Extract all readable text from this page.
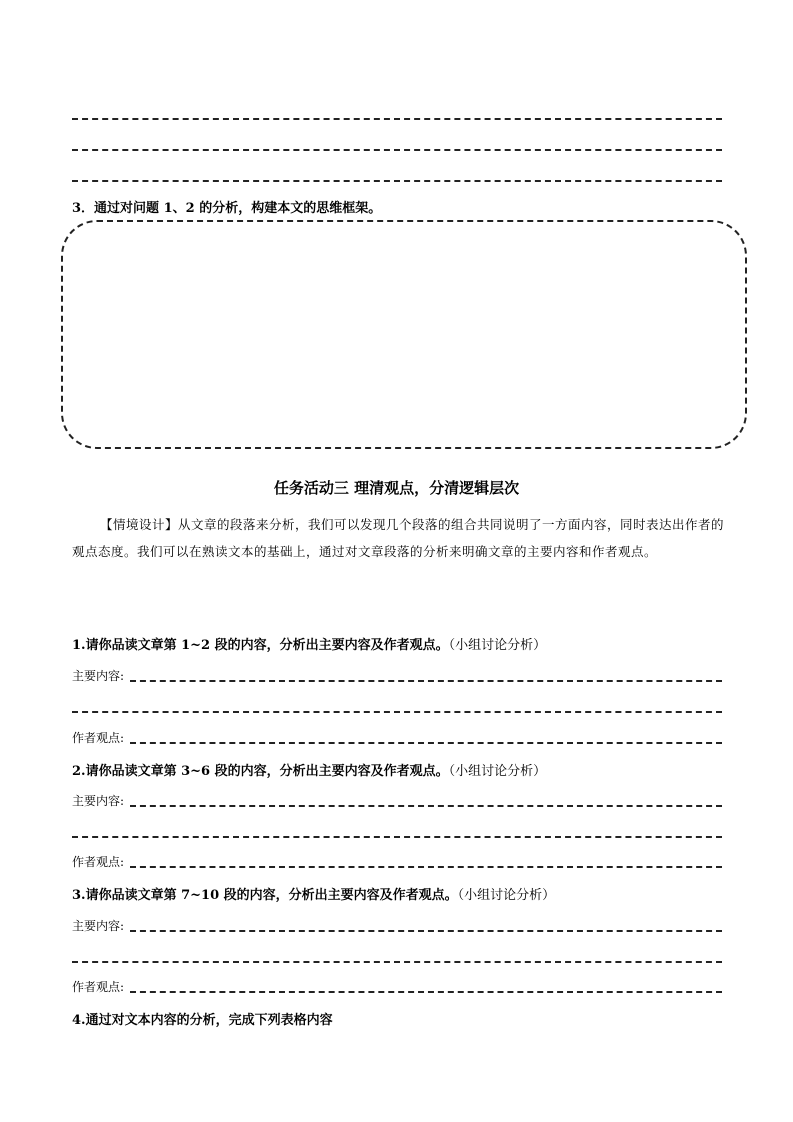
3．通过对问题 1、2 的分析，构建本文的思维框架。
任务活动三 理清观点，分清逻辑层次
【情境设计】从文章的段落来分析，我们可以发现几个段落的组合共同说明了一方面内容，同时表达出作者的观点态度。我们可以在熟读文本的基础上，通过对文章段落的分析来明确文章的主要内容和作者观点。
1.请你品读文章第 1~2 段的内容，分析出主要内容及作者观点。（小组讨论分析）
主要内容:
作者观点:
2.请你品读文章第 3~6 段的内容，分析出主要内容及作者观点。（小组讨论分析）
主要内容:
作者观点:
3.请你品读文章第 7~10 段的内容，分析出主要内容及作者观点。（小组讨论分析）
主要内容:
作者观点:
4.通过对文本内容的分析，完成下列表格内容
